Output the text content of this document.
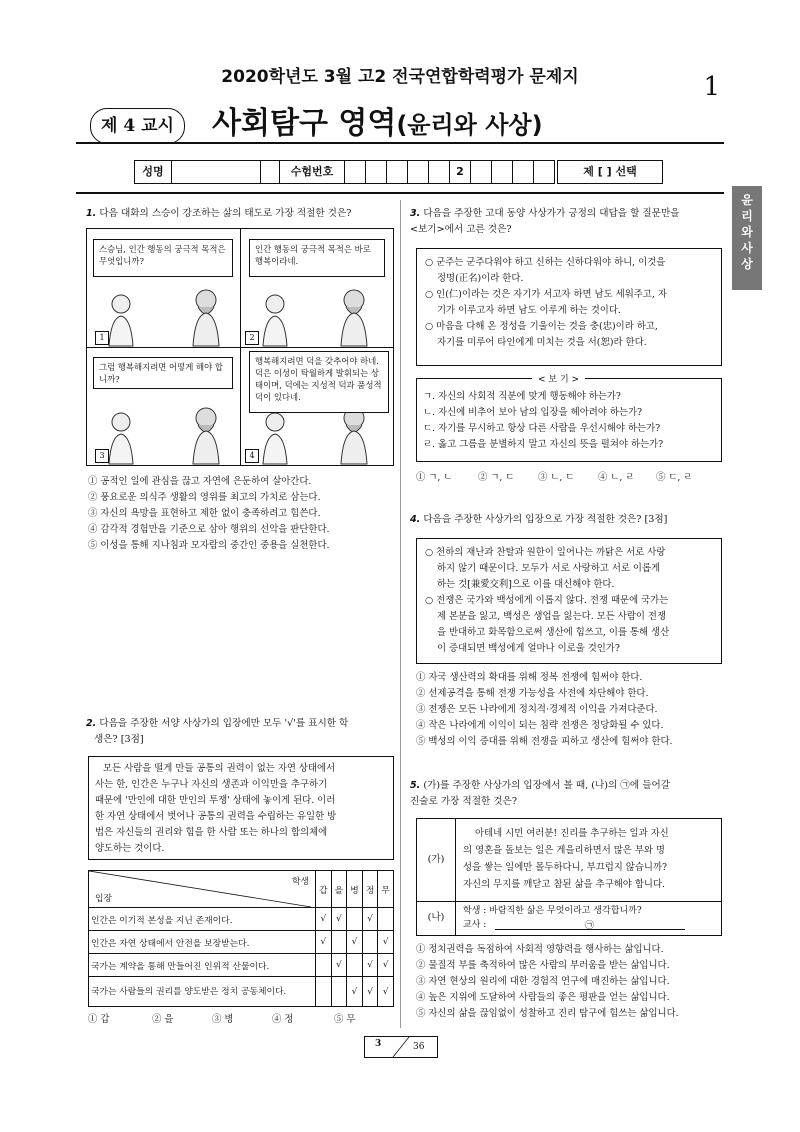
2020학년도 3월 고2 전국연합학력평가 문제지	1
제 4 교시	사회탐구 영역(윤리와 사상)
성명	수험번호	2	제 [ ] 선택
윤
리
와
사
상
1. 다음 대화의 스승이 강조하는 삶의 태도로 가장 적절한 것은?
스승님, 인간 행동의 궁극적 목적은 무엇입니까?
인간 행동의 궁극적 목적은 바로 행복이라네.
그럼 행복해지려면 어떻게 해야 합니까?
행복해지려면 덕을 갖추어야 하네. 덕은 이성이 탁월하게 발휘되는 상태이며, 덕에는 지성적 덕과 품성적 덕이 있다네.
1	2
3	4
① 공적인 일에 관심을 끊고 자연에 은둔하여 살아간다.
② 풍요로운 의식주 생활의 영위를 최고의 가치로 삼는다.
③ 자신의 욕망을 표현하고 제한 없이 충족하려고 힘쓴다.
④ 감각적 경험만을 기준으로 삼아 행위의 선악을 판단한다.
⑤ 이성을 통해 지나침과 모자람의 중간인 중용을 실천한다.
2. 다음을 주장한 서양 사상가의 입장에만 모두 '√'를 표시한 학
생은? [3점]
모든 사람을 떨게 만들 공통의 권력이 없는 자연 상태에서
사는 한, 인간은 누구나 자신의 생존과 이익만을 추구하기
때문에 '만인에 대한 만인의 투쟁' 상태에 놓이게 된다. 이러
한 자연 상태에서 벗어나 공통의 권력을 수립하는 유일한 방
법은 자신들의 권리와 힘을 한 사람 또는 하나의 합의체에
양도하는 것이다.
학생
입장	갑	을	병	정	무
인간은 이기적 본성을 지닌 존재이다.	√	√		√	
인간은 자연 상태에서 안전을 보장받는다.	√		√		√
국가는 계약을 통해 만들어진 인위적 산물이다.		√		√	√
국가는 사람들의 권리를 양도받은 정치 공동체이다.			√	√	√
① 갑	② 을	③ 병	④ 정	⑤ 무
3. 다음을 주장한 고대 동양 사상가가 긍정의 대답을 할 질문만을
<보기>에서 고른 것은?
○ 군주는 군주다워야 하고 신하는 신하다워야 하니, 이것을
정명(正名)이라 한다.
○ 인(仁)이라는 것은 자기가 서고자 하면 남도 세워주고, 자
기가 이루고자 하면 남도 이루게 하는 것이다.
○ 마음을 다해 온 정성을 기울이는 것을 충(忠)이라 하고,
자기를 미루어 타인에게 미치는 것을 서(恕)라 한다.
< 보 기 >
ㄱ. 자신의 사회적 직분에 맞게 행동해야 하는가?
ㄴ. 자신에 비추어 보아 남의 입장을 헤아려야 하는가?
ㄷ. 자기를 무시하고 항상 다른 사람을 우선시해야 하는가?
ㄹ. 옳고 그름을 분별하지 말고 자신의 뜻을 펼쳐야 하는가?
① ㄱ, ㄴ	② ㄱ, ㄷ	③ ㄴ, ㄷ	④ ㄴ, ㄹ ⑤ ㄷ, ㄹ
4. 다음을 주장한 사상가의 입장으로 가장 적절한 것은? [3점]
○ 천하의 재난과 찬탈과 원한이 일어나는 까닭은 서로 사랑
하지 않기 때문이다. 모두가 서로 사랑하고 서로 이롭게
하는 것[兼愛交利]으로 이를 대신해야 한다.
○ 전쟁은 국가와 백성에게 이롭지 않다. 전쟁 때문에 국가는
제 본분을 잃고, 백성은 생업을 잃는다. 모든 사람이 전쟁
을 반대하고 화목함으로써 생산에 힘쓰고, 이를 통해 생산
이 증대되면 백성에게 얼마나 이로울 것인가?
① 자국 생산력의 확대를 위해 정복 전쟁에 힘써야 한다.
② 선제공격을 통해 전쟁 가능성을 사전에 차단해야 한다.
③ 전쟁은 모든 나라에게 정치적·경제적 이익을 가져다준다.
④ 작은 나라에게 이익이 되는 침략 전쟁은 정당화될 수 있다.
⑤ 백성의 이익 증대를 위해 전쟁을 피하고 생산에 힘써야 한다.
5. (가)를 주장한 사상가의 입장에서 볼 때, (나)의 ㉠에 들어갈
진술로 가장 적절한 것은?
(가)
아테네 시민 여러분! 진리를 추구하는 일과 자신
의 영혼을 돌보는 일은 게을리하면서 많은 부와 명
성을 쌓는 일에만 몰두하다니, 부끄럽지 않습니까?
자신의 무지를 깨닫고 참된 삶을 추구해야 합니다.
(나)
학생 : 바람직한 삶은 무엇이라고 생각합니까?
교사 :	㉠
① 정치권력을 독점하여 사회적 영향력을 행사하는 삶입니다.
② 물질적 부를 축적하여 많은 사람의 부러움을 받는 삶입니다.
③ 자연 현상의 원리에 대한 경험적 연구에 매진하는 삶입니다.
④ 높은 지위에 도달하여 사람들의 좋은 평판을 얻는 삶입니다.
⑤ 자신의 삶을 끊임없이 성찰하고 진리 탐구에 힘쓰는 삶입니다.
3	36
